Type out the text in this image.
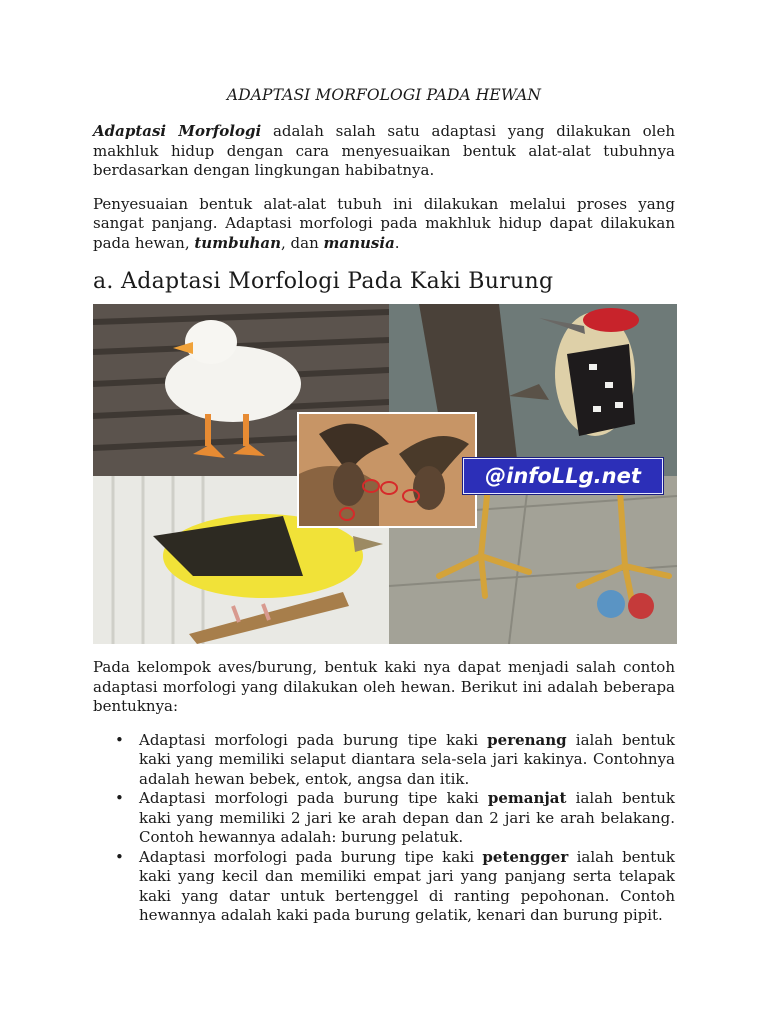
ADAPTASI MORFOLOGI PADA HEWAN

Adaptasi Morfologi adalah salah satu adaptasi yang dilakukan oleh makhluk hidup dengan cara menyesuaikan bentuk alat-alat tubuhnya berdasarkan dengan lingkungan habibatnya.

Penyesuaian bentuk alat-alat tubuh ini dilakukan melalui proses yang sangat panjang. Adaptasi morfologi pada makhluk hidup dapat dilakukan pada hewan, tumbuhan, dan manusia.

a. Adaptasi Morfologi Pada Kaki Burung
@infoLLg.net

Pada kelompok aves/burung, bentuk kaki nya dapat menjadi salah contoh adaptasi morfologi yang dilakukan oleh hewan. Berikut ini adalah beberapa bentuknya:

• Adaptasi morfologi pada burung tipe kaki perenang ialah bentuk kaki yang memiliki selaput diantara sela-sela jari kakinya. Contohnya adalah hewan bebek, entok, angsa dan itik.
• Adaptasi morfologi pada burung tipe kaki pemanjat ialah bentuk kaki yang memiliki 2 jari ke arah depan dan 2 jari ke arah belakang. Contoh hewannya adalah: burung pelatuk.
• Adaptasi morfologi pada burung tipe kaki petengger ialah bentuk kaki yang kecil dan memiliki empat jari yang panjang serta telapak kaki yang datar untuk bertenggel di ranting pepohonan. Contoh hewannya adalah kaki pada burung gelatik, kenari dan burung pipit.
